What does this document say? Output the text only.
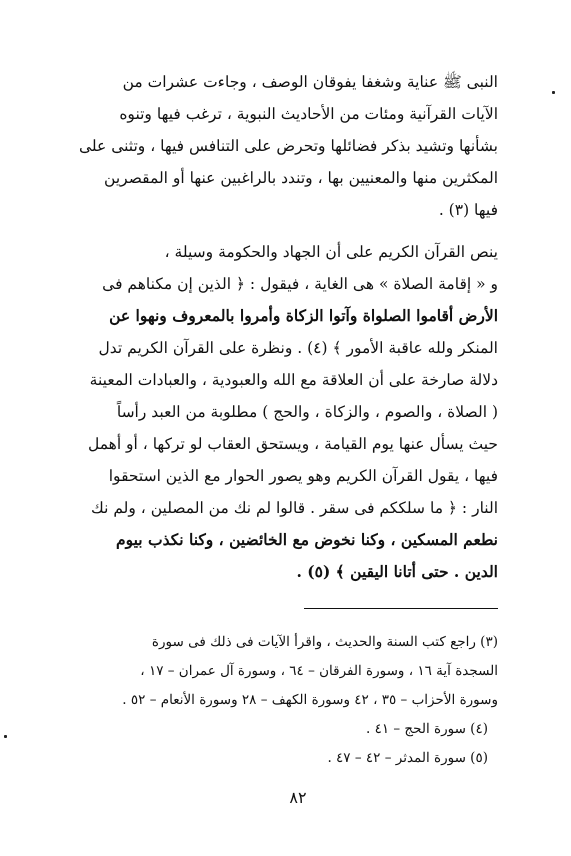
النبى ﷺ عناية وشغفا يفوقان الوصف ، وجاءت عشرات من
الآيات القرآنية ومئات من الأحاديث النبوية ، ترغب فيها وتنوه
بشأنها وتشيد بذكر فضائلها وتحرض على التنافس فيها ، وتثنى على
المكثرين منها والمعنيين بها ، وتندد بالراغبين عنها أو المقصرين
فيها (٣) .
ينص القرآن الكريم على أن الجهاد والحكومة وسيلة ،
و « إقامة الصلاة » هى الغاية ، فيقول : ﴿ الذين إن مكناهم فى
الأرض أقاموا الصلواة وآتوا الزكاة وأمروا بالمعروف ونهوا عن
المنكر ولله عاقبة الأمور ﴾ (٤) . ونظرة على القرآن الكريم تدل
دلالة صارخة على أن العلاقة مع الله والعبودية ، والعبادات المعينة
( الصلاة ، والصوم ، والزكاة ، والحج ) مطلوبة من العبد رأساً
حيث يسأل عنها يوم القيامة ، ويستحق العقاب لو تركها ، أو أهمل
فيها ، يقول القرآن الكريم وهو يصور الحوار مع الذين استحقوا
النار : ﴿ ما سلككم فى سقر . قالوا لم نك من المصلين ، ولم نك
نطعم المسكين ، وكنا نخوض مع الخائضين ، وكنا نكذب بيوم
الدين . حتى أتانا اليقين ﴾ (٥) .
(٣) راجع كتب السنة والحديث ، واقرأ الآيات فى ذلك فى سورة
السجدة آية ١٦ ، وسورة الفرقان – ٦٤ ، وسورة آل عمران – ١٧ ،
وسورة الأحزاب – ٣٥ ، ٤٢ وسورة الكهف – ٢٨ وسورة الأنعام – ٥٢ .
(٤) سورة الحج – ٤١ .
(٥) سورة المدثر – ٤٢ – ٤٧ .
٨٢
